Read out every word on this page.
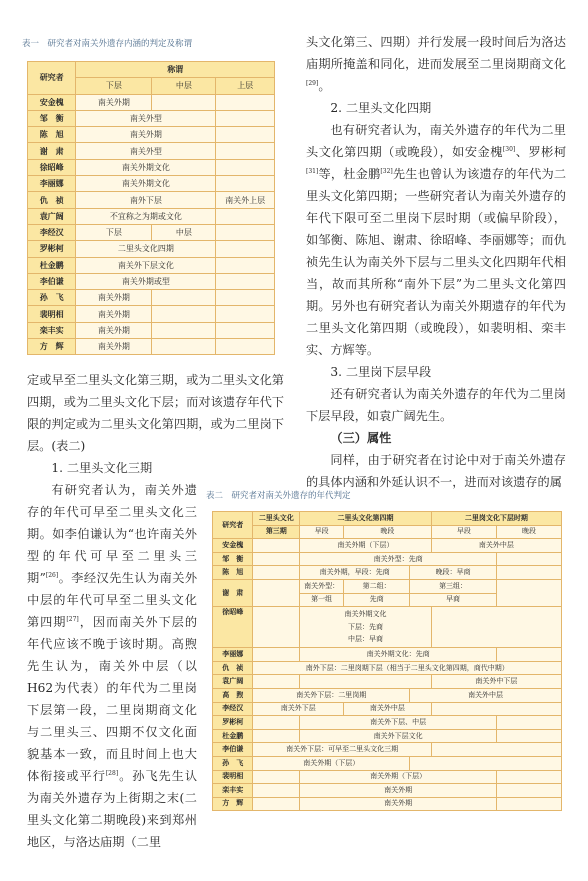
表一　研究者对南关外遗存内涵的判定及称谓
研究者	称谓		
	下层	中层	上层
安金槐	南关外期		
邹　衡	南关外型		
陈　旭	南关外期		
谢　肃	南关外型		
徐昭峰	南关外期文化		
李丽娜	南关外期文化		
仇　祯	南外下层		南关外上层
袁广阔	不宜称之为期或文化		
李经汉	下层	中层	
罗彬柯	二里头文化四期		
杜金鹏	南关外下层文化		
李伯谦	南关外期或型		
孙　飞	南关外期		
裴明相	南关外期		
栾丰实	南关外期		
方　辉	南关外期		

定或早至二里头文化第三期，或为二里头文化第四期，或为二里头文化下层；而对该遗存年代下限的判定或为二里头文化第四期，或为二里岗下层。(表二)

1. 二里头文化三期

有研究者认为，南关外遗存的年代可早至二里头文化三期。如李伯谦认为“也许南关外型的年代可早至二里头三期”[26]。李经汉先生认为南关外中层的年代可早至二里头文化第四期[27]，因而南关外下层的年代应该不晚于该时期。高煦先生认为，南关外中层（以H62为代表）的年代为二里岗下层第一段，二里岗期商文化与二里头三、四期不仅文化面貌基本一致，而且时间上也大体衔接或平行[28]。孙飞先生认为南关外遗存为上街期之末(二里头文化第二期晚段)来到郑州地区，与洛达庙期（二里

头文化第三、四期）并行发展一段时间后为洛达庙期所掩盖和同化，进而发展至二里岗期商文化[29]。

2. 二里头文化四期

也有研究者认为，南关外遗存的年代为二里头文化第四期（或晚段），如安金槐[30]、罗彬柯[31]等，杜金鹏[32]先生也曾认为该遗存的年代为二里头文化第四期；一些研究者认为南关外遗存的年代下限可至二里岗下层时期（或偏早阶段），如邹衡、陈旭、谢肃、徐昭峰、李丽娜等；而仇祯先生认为南关外下层与二里头文化四期年代相当，故而其所称“南外下层”为二里头文化第四期。另外也有研究者认为南关外期遗存的年代为二里头文化第四期（或晚段），如裴明相、栾丰实、方辉等。

3. 二里岗下层早段

还有研究者认为南关外遗存的年代为二里岗下层早段，如袁广阔先生。

（三）属性

同样，由于研究者在讨论中对于南关外遗存的具体内涵和外延认识不一，进而对该遗存的属

表二　研究者对南关外遗存的年代判定
研究者	二里头文化	二里头文化第四期			二里岗文化下层时期	
	第三期	早段	晚段		早段	晚段
安金槐		南关外期（下层）			南关外中层	
邹　衡		南关外型：先商				
陈　旭		南关外期，早段：先商		晚段：早商		
谢　肃		南关外型：	第二组：	第三组：		
		第一组	先商	早商		
徐昭峰		南关外期文化
下层：先商
中层：早商				

李丽娜		南关外期文化：先商				
仇　祯	南外下层：二里岗期下层（相当于二里头文化第四期，商代中期）					
袁广阔					南关外中下层	
高　煦	南关外下层：二里岗期			南关外中层		
李经汉	南关外下层		南关外中层			
罗彬柯		南关外下层、中层				
杜金鹏		南关外下层文化				
李伯谦	南关外下层：可早至二里头文化三期					
孙　飞	南关外期（下层）					
裴明相		南关外期（下层）				
栾丰实		南关外期				
方　辉		南关外期				
